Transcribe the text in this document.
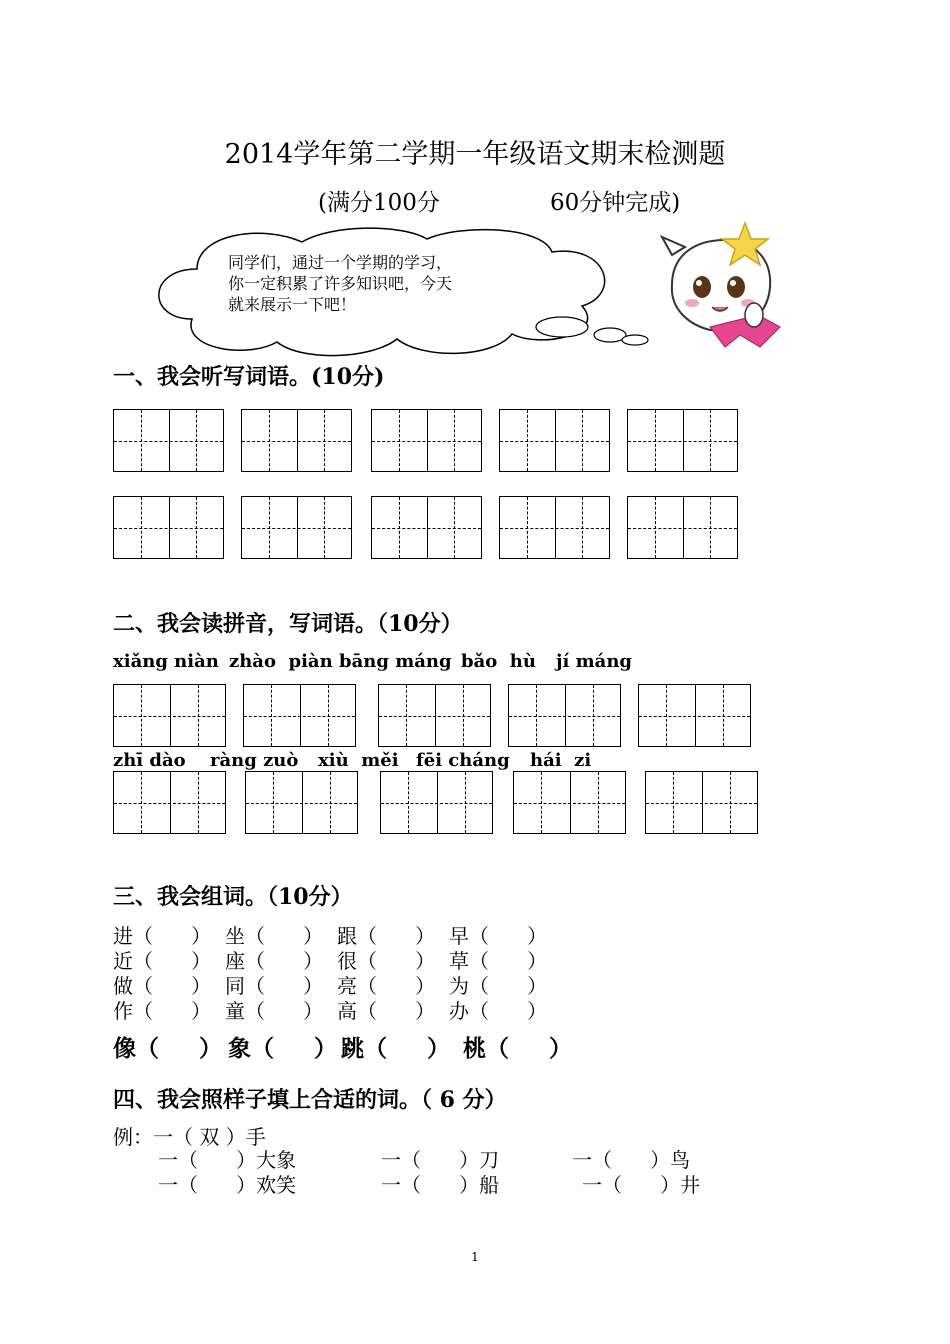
2014学年第二学期一年级语文期末检测题
(满分100分	60分钟完成)
同学们，通过一个学期的学习，
你一定积累了许多知识吧，今天
就来展示一下吧！
一、我会听写词语。(10分)
二、我会读拼音，写词语。（10分）
xiǎng niàn zhào  piàn bāng máng bǎo  hù jí máng
zhī dào ràng zuò xiù  měi fēi cháng hái  zi
三、我会组词。（10分）
进（      ） 坐（      ） 跟（      ） 早（      ）
近（      ） 座（      ） 很（      ） 草（      ）
做（      ） 同（      ） 亮（      ） 为（      ）
作（      ） 童（      ） 高（      ） 办（      ）
像（     ） 象（     ） 跳（     ） 桃（     ）
四、我会照样子填上合适的词。（ 6 分）
例：一（ 双 ）手
一（      ）大象	一（      ）刀	一（      ）鸟
一（      ）欢笑	一（      ）船	一（      ）井
1
